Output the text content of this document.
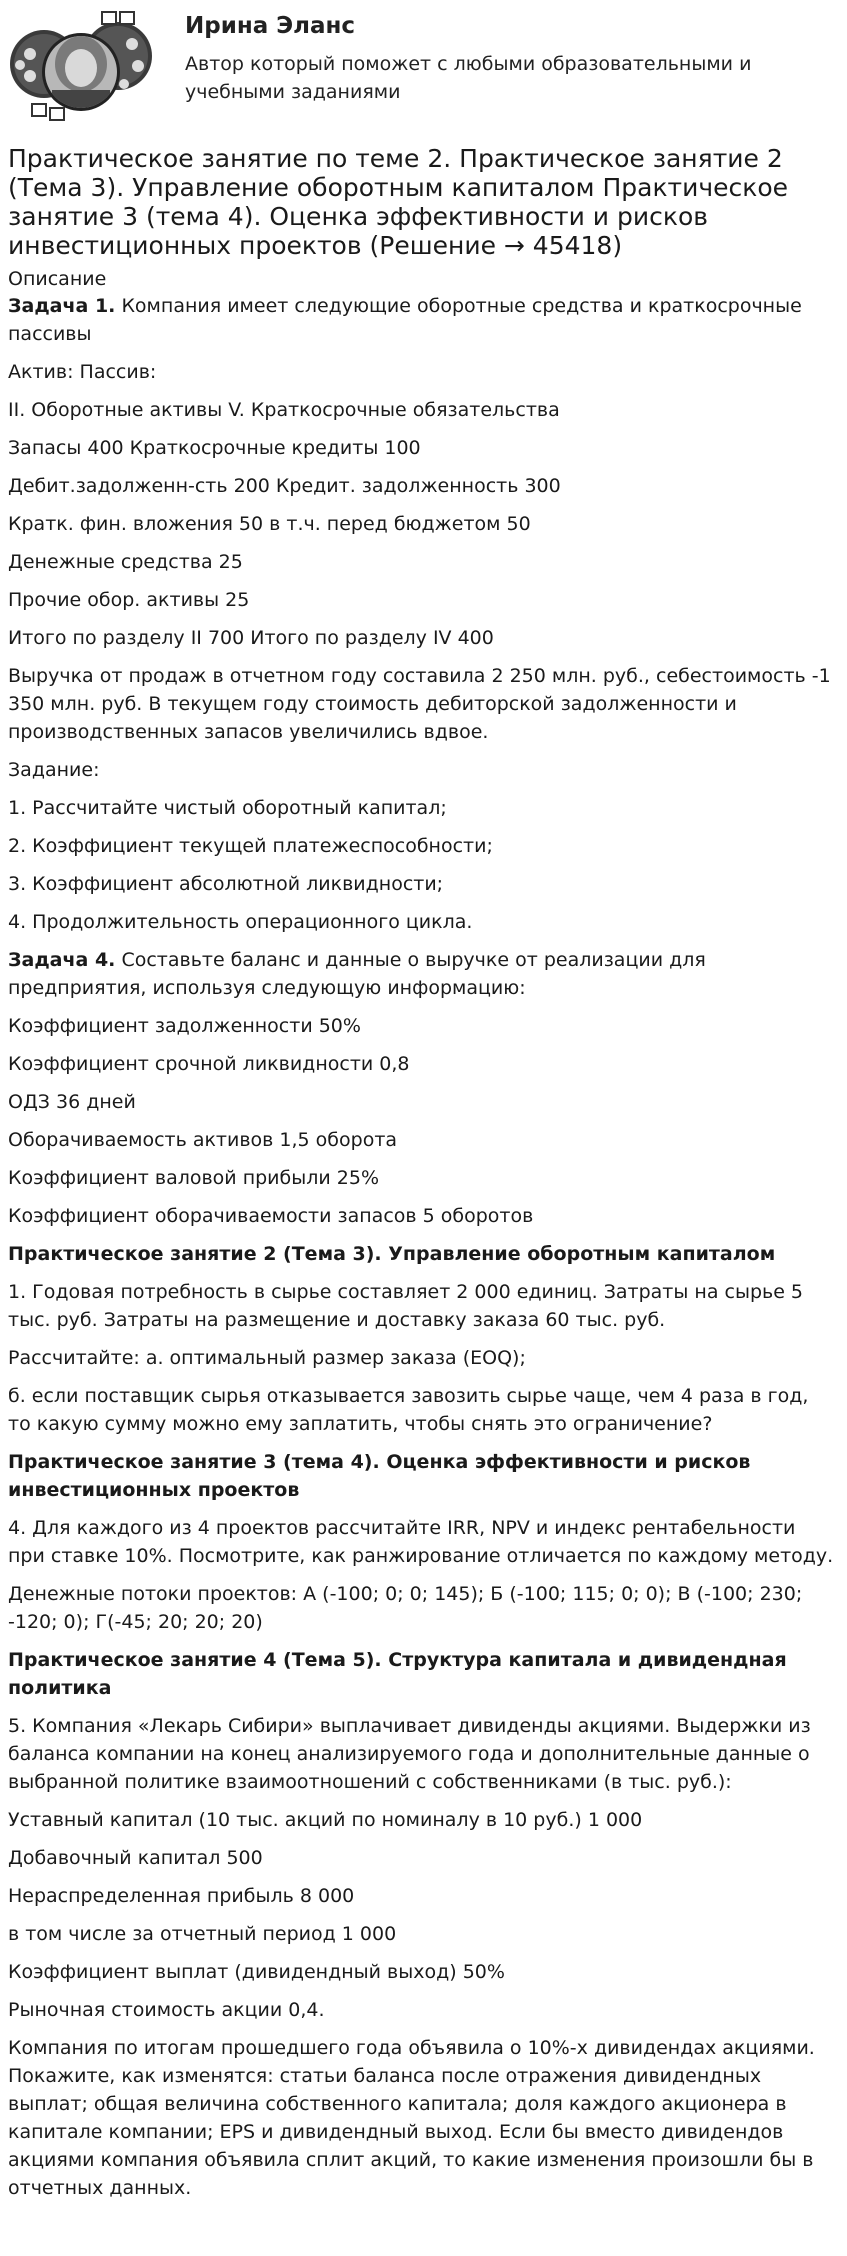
Ирина Эланс
Автор который поможет с любыми образовательными и учебными заданиями
Практическое занятие по теме 2. Практическое занятие 2 (Тема 3). Управление оборотным капиталом Практическое занятие 3 (тема 4). Оценка эффективности и рисков инвестиционных проектов (Решение → 45418)
Описание

Задача 1. Компания имеет следующие оборотные средства и краткосрочные пассивы

Актив: Пассив:

II. Оборотные активы V. Краткосрочные обязательства

Запасы 400 Краткосрочные кредиты 100

Дебит.задолженн-сть 200 Кредит. задолженность 300

Кратк. фин. вложения 50 в т.ч. перед бюджетом 50

Денежные средства 25

Прочие обор. активы 25

Итого по разделу II 700 Итого по разделу IV 400

Выручка от продаж в отчетном году составила 2 250 млн. руб., себестоимость -1 350 млн. руб. В текущем году стоимость дебиторской задолженности и производственных запасов увеличились вдвое.

Задание:

1. Рассчитайте чистый оборотный капитал;

2. Коэффициент текущей платежеспособности;

3. Коэффициент абсолютной ликвидности;

4. Продолжительность операционного цикла.

Задача 4. Составьте баланс и данные о выручке от реализации для предприятия, используя следующую информацию:

Коэффициент задолженности 50%

Коэффициент срочной ликвидности 0,8

ОДЗ 36 дней

Оборачиваемость активов 1,5 оборота

Коэффициент валовой прибыли 25%

Коэффициент оборачиваемости запасов 5 оборотов

Практическое занятие 2 (Тема 3). Управление оборотным капиталом

1. Годовая потребность в сырье составляет 2 000 единиц. Затраты на сырье 5 тыс. руб. Затраты на размещение и доставку заказа 60 тыс. руб.

Рассчитайте: а. оптимальный размер заказа (EOQ);

б. если поставщик сырья отказывается завозить сырье чаще, чем 4 раза в год, то какую сумму можно ему заплатить, чтобы снять это ограничение?

Практическое занятие 3 (тема 4). Оценка эффективности и рисков инвестиционных проектов

4. Для каждого из 4 проектов рассчитайте IRR, NPV и индекс рентабельности при ставке 10%. Посмотрите, как ранжирование отличается по каждому методу.

Денежные потоки проектов: А (-100; 0; 0; 145); Б (-100; 115; 0; 0); В (-100; 230; -120; 0); Г(-45; 20; 20; 20)

Практическое занятие 4 (Тема 5). Структура капитала и дивидендная политика

5. Компания «Лекарь Сибири» выплачивает дивиденды акциями. Выдержки из баланса компании на конец анализируемого года и дополнительные данные о выбранной политике взаимоотношений с собственниками (в тыс. руб.):

Уставный капитал (10 тыс. акций по номиналу в 10 руб.) 1 000

Добавочный капитал 500

Нераспределенная прибыль 8 000

в том числе за отчетный период 1 000

Коэффициент выплат (дивидендный выход) 50%

Рыночная стоимость акции 0,4.

Компания по итогам прошедшего года объявила о 10%-х дивидендах акциями. Покажите, как изменятся: статьи баланса после отражения дивидендных выплат; общая величина собственного капитала; доля каждого акционера в капитале компании; EPS и дивидендный выход. Если бы вместо дивидендов акциями компания объявила сплит акций, то какие изменения произошли бы в отчетных данных.
